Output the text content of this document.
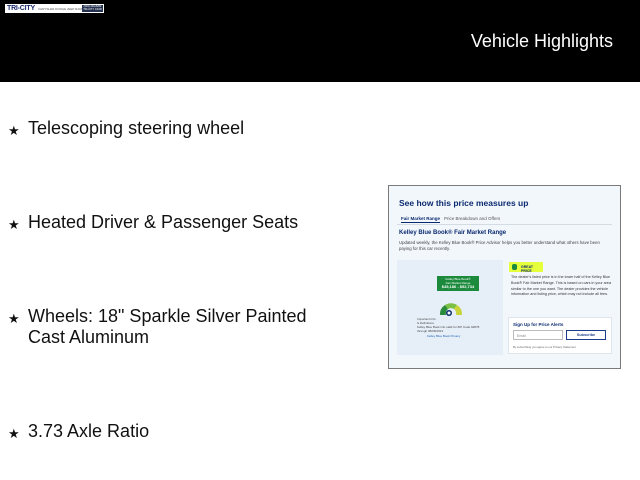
TRI-CITY CHRYSLER DODGE JEEP RAM (503) 294-8282
TRI-CITY CDJR
Vehicle Highlights
★ Telescoping steering wheel
★ Heated Driver & Passenger Seats
★ Wheels: 18" Sparkle Silver Painted Cast Aluminum
★ 3.73 Axle Ratio
See how this price measures up
Fair Market Range Price Breakdown and Offers
Kelley Blue Book® Fair Market Range
Updated weekly, the Kelley Blue Book® Price Advisor helps you better understand what others have been paying for this car recently.
Kelley Blue Book®
Fair Market Range
$45,186 - $52,734
Important Info
& Definitions
Kelley Blue Book info valid for ZIP Code 92878
through 08/08/2023
Kelley Blue Book Privacy
GREAT PRICE
The dealer's listed price is in the lower half of the Kelley Blue Book® Fair Market Range. This is based on cars in your area similar to the one you want. The dealer provides the vehicle information and listing price, which may not include all fees.
Sign Up for Price Alerts
Email	Subscribe
By subscribing you agree to our Privacy Statement
